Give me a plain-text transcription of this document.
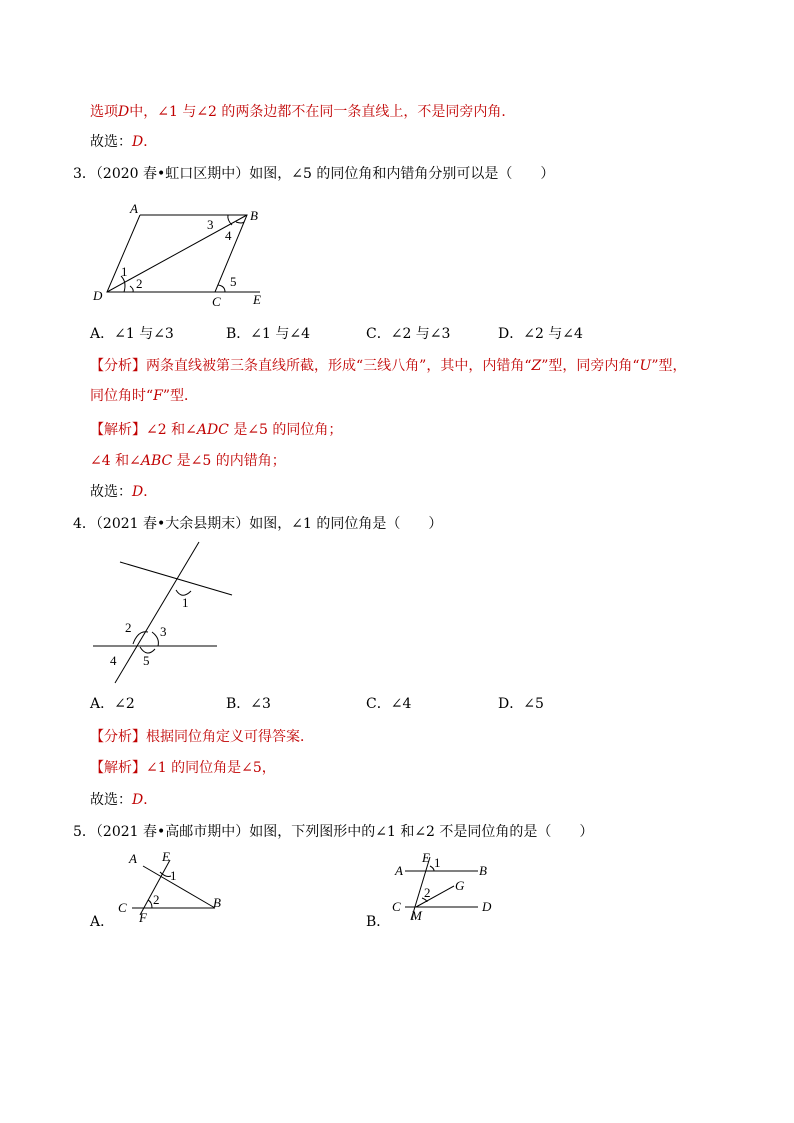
选项D中，∠1 与∠2 的两条边都不在同一条直线上，不是同旁内角．
故选：D．
3．（2020 春•虹口区期中）如图，∠5 的同位角和内错角分别可以是（　　）
A	B
C
D	E
1
2
3
4
5
A．∠1 与∠3	B．∠1 与∠4	C．∠2 与∠3	D．∠2 与∠4
【分析】两条直线被第三条直线所截，形成“三线八角”，其中，内错角“Z”型，同旁内角“U”型，
同位角时“F”型．
【解析】∠2 和∠ADC 是∠5 的同位角；
∠4 和∠ABC 是∠5 的内错角；
故选：D．
4．（2021 春•大余县期末）如图，∠1 的同位角是（　　）
1
2 3
4 5
A．∠2	B．∠3	C．∠4	D．∠5
【分析】根据同位角定义可得答案．
【解析】∠1 的同位角是∠5，
故选：D．
5．（2021 春•高邮市期中）如图，下列图形中的∠1 和∠2 不是同位角的是（　　）
A E
1
C
2	B
F
E 1
A	B
2 G
C
M
D
A．	B．
